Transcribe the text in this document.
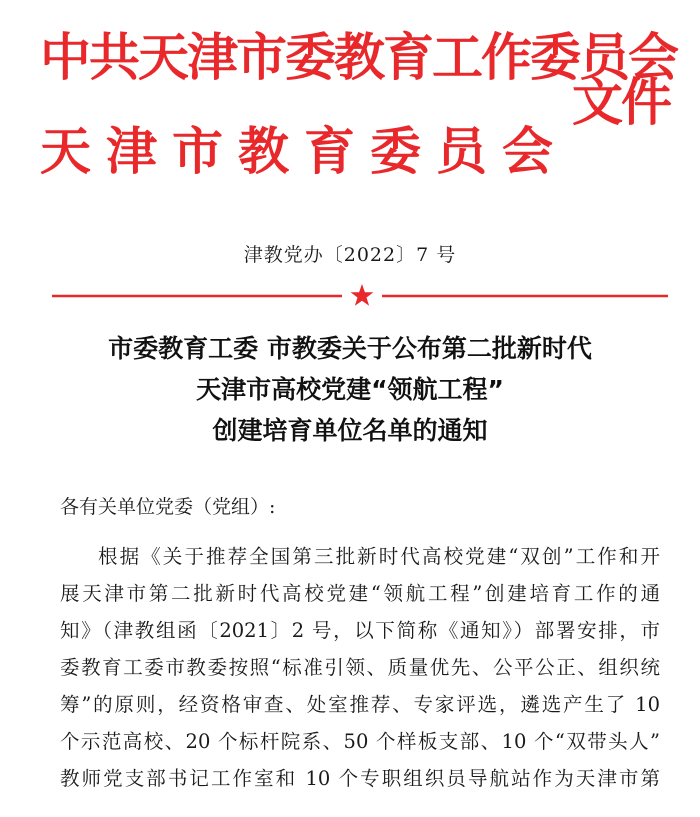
中共天津市委教育工作委员会
天津市教育委员会
文件
津教党办〔2022〕7 号
市委教育工委 市教委关于公布第二批新时代
天津市高校党建“领航工程”
创建培育单位名单的通知
各有关单位党委（党组）:
根据《关于推荐全国第三批新时代高校党建“双创”工作和开
展天津市第二批新时代高校党建“领航工程”创建培育工作的通
知》（津教组函〔2021〕2 号，以下简称《通知》）部署安排，市
委教育工委市教委按照“标准引领、质量优先、公平公正、组织统
筹”的原则，经资格审查、处室推荐、专家评选，遴选产生了 10
个示范高校、20 个标杆院系、50 个样板支部、10 个“双带头人”
教师党支部书记工作室和 10 个专职组织员导航站作为天津市第
